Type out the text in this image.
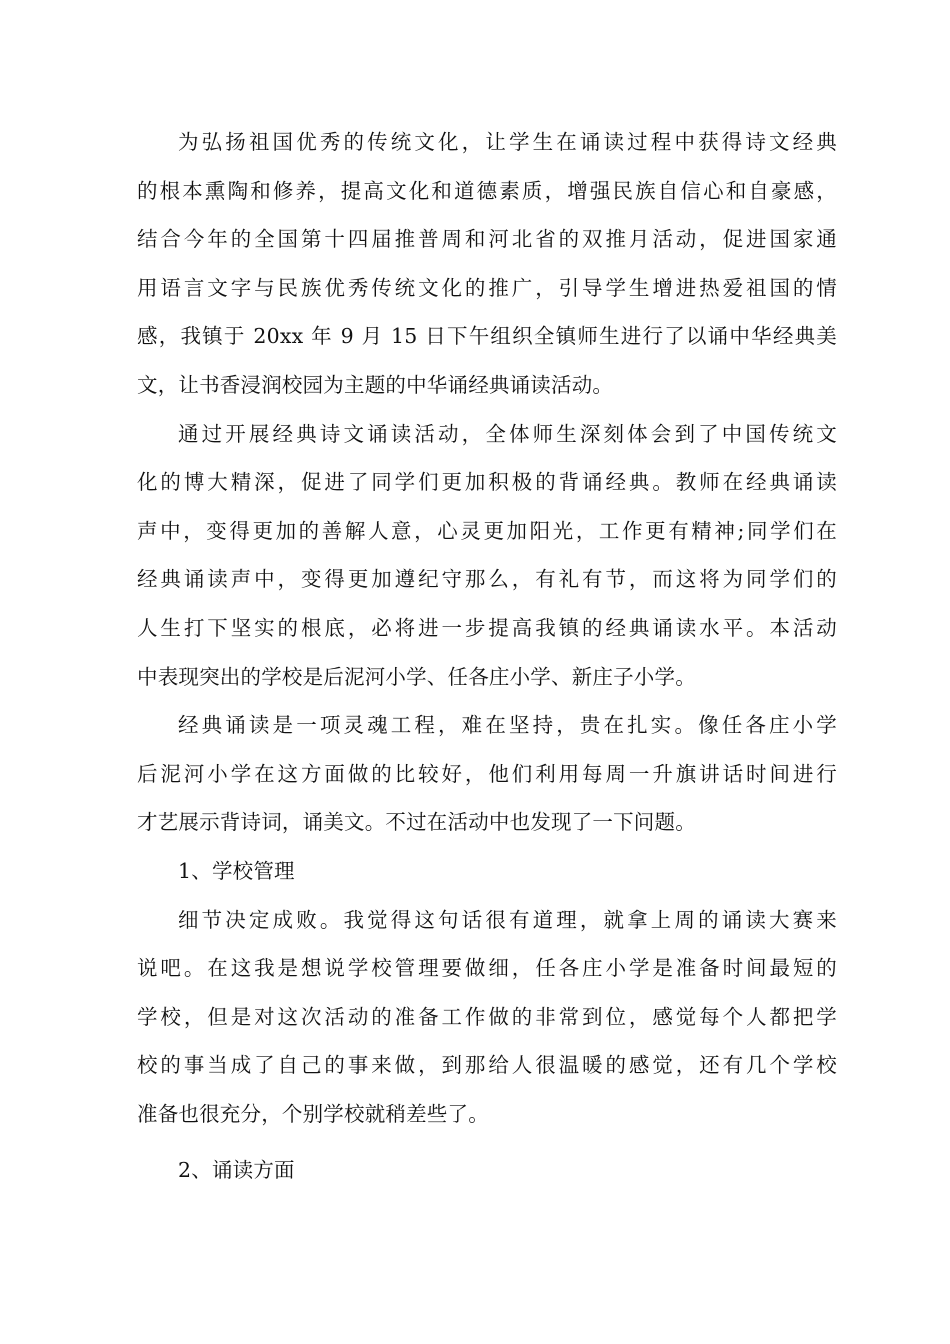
为弘扬祖国优秀的传统文化，让学生在诵读过程中获得诗文经典
的根本熏陶和修养，提高文化和道德素质，增强民族自信心和自豪感，
结合今年的全国第十四届推普周和河北省的双推月活动，促进国家通
用语言文字与民族优秀传统文化的推广，引导学生增进热爱祖国的情
感，我镇于 20xx 年 9 月 15 日下午组织全镇师生进行了以诵中华经典美
文，让书香浸润校园为主题的中华诵经典诵读活动。

通过开展经典诗文诵读活动，全体师生深刻体会到了中国传统文
化的博大精深，促进了同学们更加积极的背诵经典。教师在经典诵读
声中，变得更加的善解人意，心灵更加阳光，工作更有精神;同学们在
经典诵读声中，变得更加遵纪守那么，有礼有节，而这将为同学们的
人生打下坚实的根底，必将进一步提高我镇的经典诵读水平。本活动
中表现突出的学校是后泥河小学、任各庄小学、新庄子小学。

经典诵读是一项灵魂工程，难在坚持，贵在扎实。像任各庄小学
后泥河小学在这方面做的比较好，他们利用每周一升旗讲话时间进行
才艺展示背诗词，诵美文。不过在活动中也发现了一下问题。

1、学校管理

细节决定成败。我觉得这句话很有道理，就拿上周的诵读大赛来
说吧。在这我是想说学校管理要做细，任各庄小学是准备时间最短的
学校，但是对这次活动的准备工作做的非常到位，感觉每个人都把学
校的事当成了自己的事来做，到那给人很温暖的感觉，还有几个学校
准备也很充分，个别学校就稍差些了。

2、诵读方面
